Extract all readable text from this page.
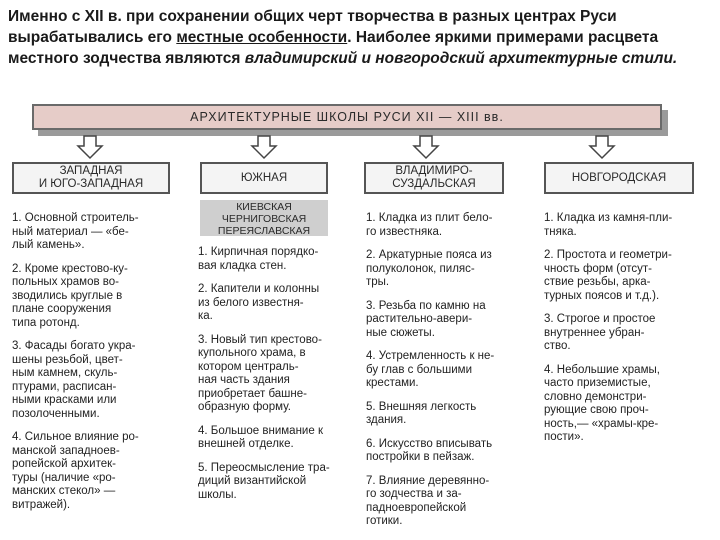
Именно с XII в. при сохранении общих черт творчества в разных центрах Руси вырабатывались его местные особенности. Наиболее яркими примерами расцвета местного зодчества являются владимирский и новгородский архитектурные стили.
АРХИТЕКТУРНЫЕ ШКОЛЫ РУСИ XII — XIII вв.
ЗАПАДНАЯ
И ЮГО-ЗАПАДНАЯ
ЮЖНАЯ
ВЛАДИМИРО-
СУЗДАЛЬСКАЯ
НОВГОРОДСКАЯ
КИЕВСКАЯ
ЧЕРНИГОВСКАЯ
ПЕРЕЯСЛАВСКАЯ
1. Основной строитель-
ный материал — «бе-
лый камень».
2. Кроме крестово-ку-
польных храмов во-
зводились круглые в
плане сооружения
типа ротонд.
3. Фасады богато укра-
шены резьбой, цвет-
ным камнем, скуль-
птурами, расписан-
ными красками или
позолоченными.
4. Сильное влияние ро-
манской западноев-
ропейской архитек-
туры (наличие «ро-
манских стекол» —
витражей).
1. Кирпичная порядко-
вая кладка стен.
2. Капители и колонны
из белого известня-
ка.
3. Новый тип крестово-
купольного храма, в
котором централь-
ная часть здания
приобретает башне-
образную форму.
4. Большое внимание к
внешней отделке.
5. Переосмысление тра-
диций византийской
школы.
1. Кладка из плит бело-
го известняка.
2. Аркатурные пояса из
полуколонок, пиляс-
тры.
3. Резьба по камню на
растительно-авери-
ные сюжеты.
4. Устремленность к не-
бу глав с большими
крестами.
5. Внешняя легкость
здания.
6. Искусство вписывать
постройки в пейзаж.
7. Влияние деревянно-
го зодчества и за-
падноевропейской
готики.
1. Кладка из камня-пли-
тняка.
2. Простота и геометри-
чность форм (отсут-
ствие резьбы, арка-
турных поясов и т.д.).
3. Строгое и простое
внутреннее убран-
ство.
4. Небольшие храмы,
часто приземистые,
словно демонстри-
рующие свою проч-
ность,— «храмы-кре-
пости».
